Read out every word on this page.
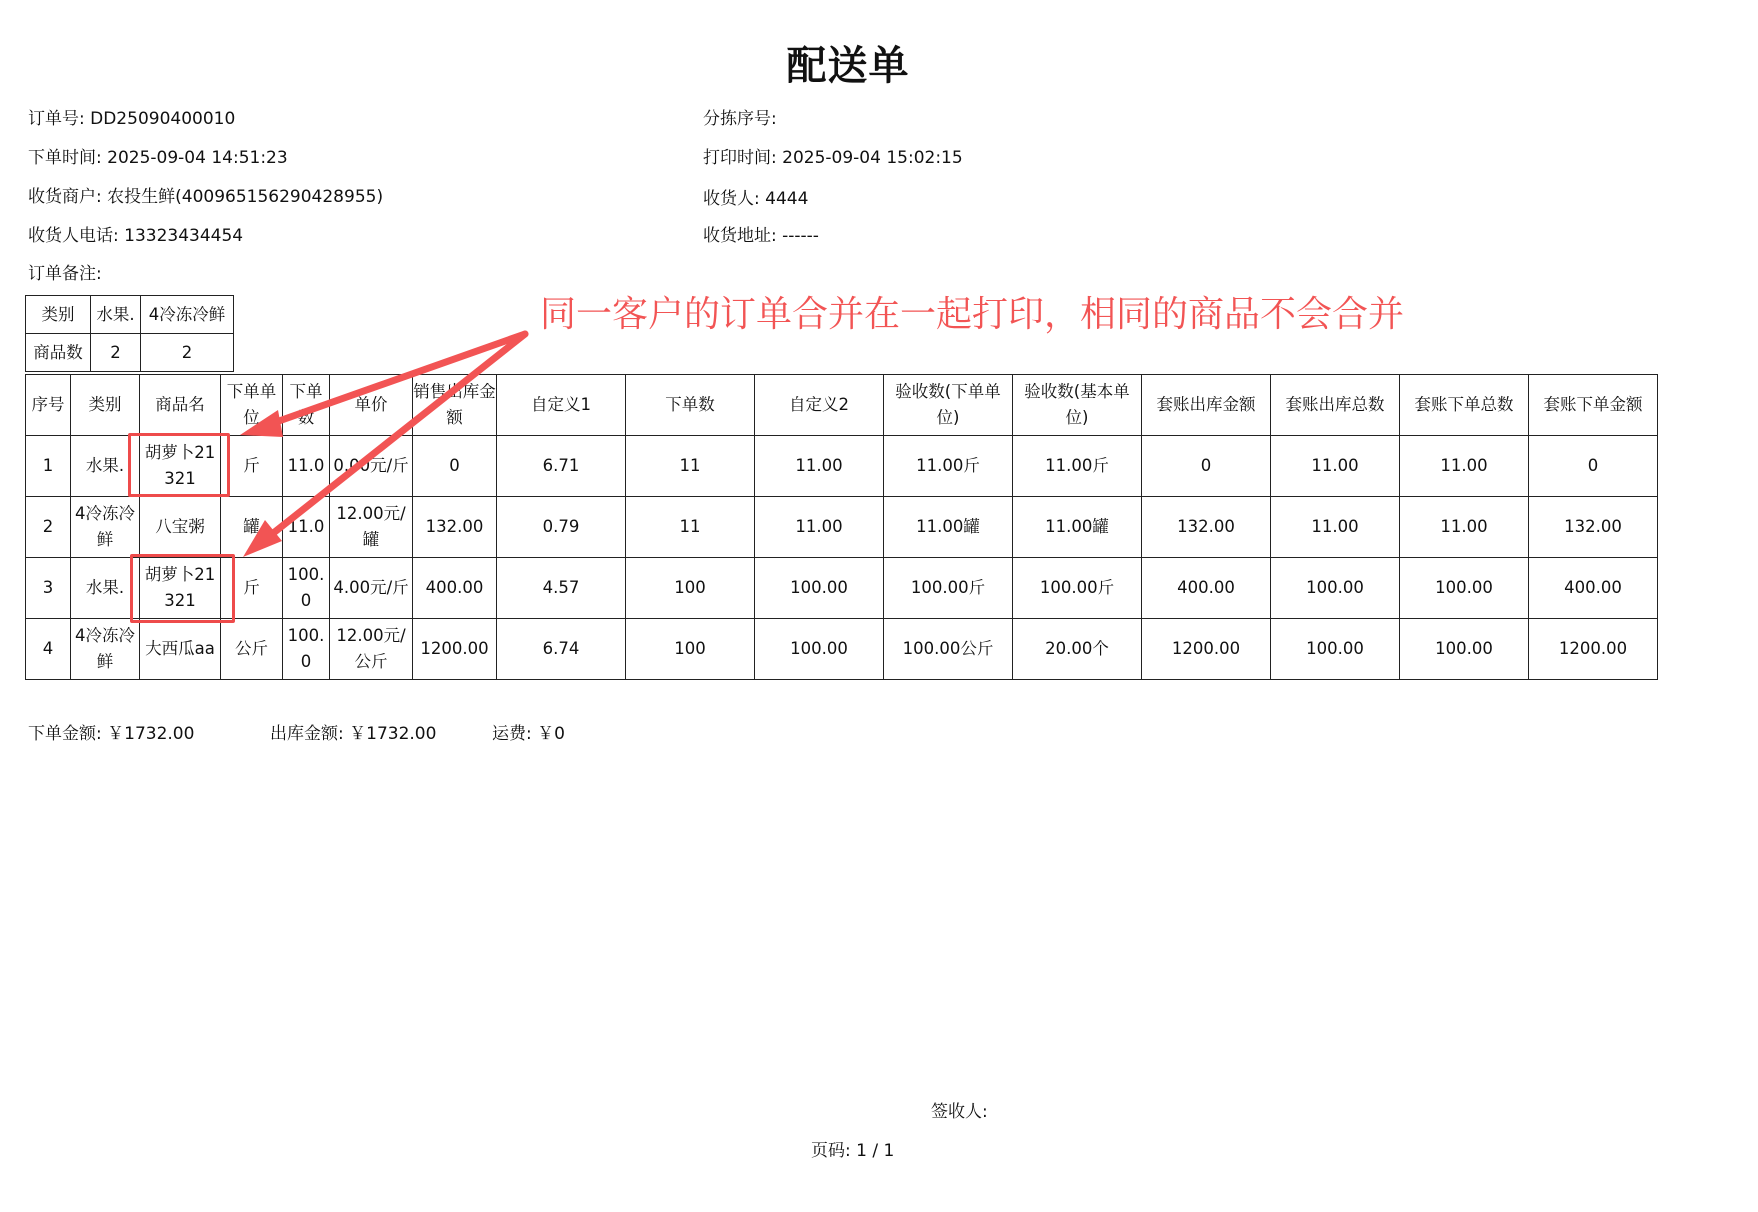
配送单
订单号: DD25090400010	分拣序号:
下单时间: 2025-09-04 14:51:23	打印时间: 2025-09-04 15:02:15
收货商户: 农投生鲜(400965156290428955)	收货人: 4444
收货人电话: 13323434454	收货地址: ------
订单备注:
类别	水果.	4冷冻冷鲜
商品数	2	2
序号	类别	商品名	下单单位	下单数	单价	销售出库金额	自定义1	下单数	自定义2	验收数(下单单位)	验收数(基本单位)	套账出库金额	套账出库总数	套账下单总数	套账下单金额
1	水果.	胡萝卜21321	斤	11.0	0.00元/斤	0	6.71	11	11.00	11.00斤	11.00斤	0	11.00	11.00	0
2	4冷冻冷鲜	八宝粥	罐	11.0	12.00元/罐	132.00	0.79	11	11.00	11.00罐	11.00罐	132.00	11.00	11.00	132.00
3	水果.	胡萝卜21321	斤	100.0	4.00元/斤	400.00	4.57	100	100.00	100.00斤	100.00斤	400.00	100.00	100.00	400.00
4	4冷冻冷鲜	大西瓜aa	公斤	100.0	12.00元/公斤	1200.00	6.74	100	100.00	100.00公斤	20.00个	1200.00	100.00	100.00	1200.00
同一客户的订单合并在一起打印，相同的商品不会合并
下单金额: ￥1732.00	出库金额: ￥1732.00	运费: ￥0
签收人:
页码: 1 / 1
